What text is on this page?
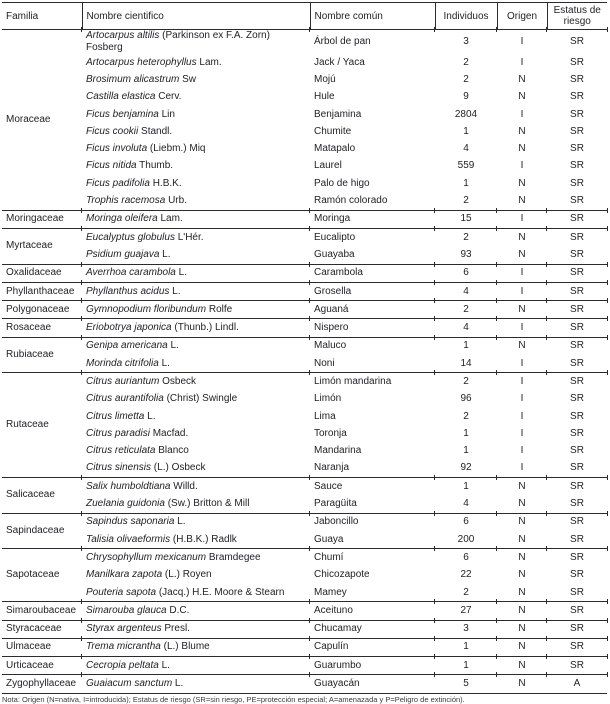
Familia	Nombre cientifico	Nombre común	Individuos	Origen	Estatus de riesgo
Moraceae	Artocarpus altilis (Parkinson ex F.A. Zorn) Fosberg	Árbol de pan	3	I	SR
	Artocarpus heterophyllus Lam.	Jack / Yaca	2	I	SR
	Brosimum alicastrum Sw	Mojú	2	N	SR
	Castilla elastica Cerv.	Hule	9	N	SR
	Ficus benjamina Lin	Benjamina	2804	I	SR
	Ficus cookii Standl.	Chumite	1	N	SR
	Ficus involuta (Liebm.) Miq	Matapalo	4	N	SR
	Ficus nitida Thumb.	Laurel	559	I	SR
	Ficus padifolia H.B.K.	Palo de higo	1	N	SR
	Trophis racemosa Urb.	Ramón colorado	2	N	SR
Moringaceae	Moringa oleifera Lam.	Moringa	15	I	SR
Myrtaceae	Eucalyptus globulus L'Hér.	Eucalipto	2	N	SR
	Psidium guajava L.	Guayaba	93	N	SR
Oxalidaceae	Averrhoa carambola L.	Carambola	6	I	SR
Phyllanthaceae	Phyllanthus acidus L.	Grosella	4	I	SR
Polygonaceae	Gymnopodium floribundum Rolfe	Aguaná	2	N	SR
Rosaceae	Eriobotrya japonica (Thunb.) Lindl.	Nispero	4	I	SR
Rubiaceae	Genipa americana L.	Maluco	1	N	SR
	Morinda citrifolia L.	Noni	14	I	SR
Rutaceae	Citrus auriantum Osbeck	Limón mandarina	2	I	SR
	Citrus aurantifolia (Christ) Swingle	Limón	96	I	SR
	Citrus limetta L.	Lima	2	I	SR
	Citrus paradisi Macfad.	Toronja	1	I	SR
	Citrus reticulata Blanco	Mandarina	1	I	SR
	Citrus sinensis (L.) Osbeck	Naranja	92	I	SR
Salicaceae	Salix humboldtiana Willd.	Sauce	1	N	SR
	Zuelania guidonia (Sw.) Britton & Mill	Paragüita	4	N	SR
Sapindaceae	Sapindus saponaria L.	Jaboncillo	6	N	SR
	Talisia olivaeformis (H.B.K.) Radlk	Guaya	200	N	SR
Sapotaceae	Chrysophyllum mexicanum Bramdegee	Chumí	6	N	SR
	Manilkara zapota (L.) Royen	Chicozapote	22	N	SR
	Pouteria sapota (Jacq.) H.E. Moore & Stearn	Mamey	2	N	SR
Simaroubaceae	Simarouba glauca D.C.	Aceituno	27	N	SR
Styracaceae	Styrax argenteus Presl.	Chucamay	3	N	SR
Ulmaceae	Trema micrantha (L.) Blume	Capulín	1	N	SR
Urticaceae	Cecropia peltata L.	Guarumbo	1	N	SR
Zygophyllaceae	Guaiacum sanctum L.	Guayacán	5	N	A
Nota: Origen (N=nativa, I=introducida); Estatus de riesgo (SR=sin riesgo, PE=protección especial; A=amenazada y P=Peligro de extinción).
